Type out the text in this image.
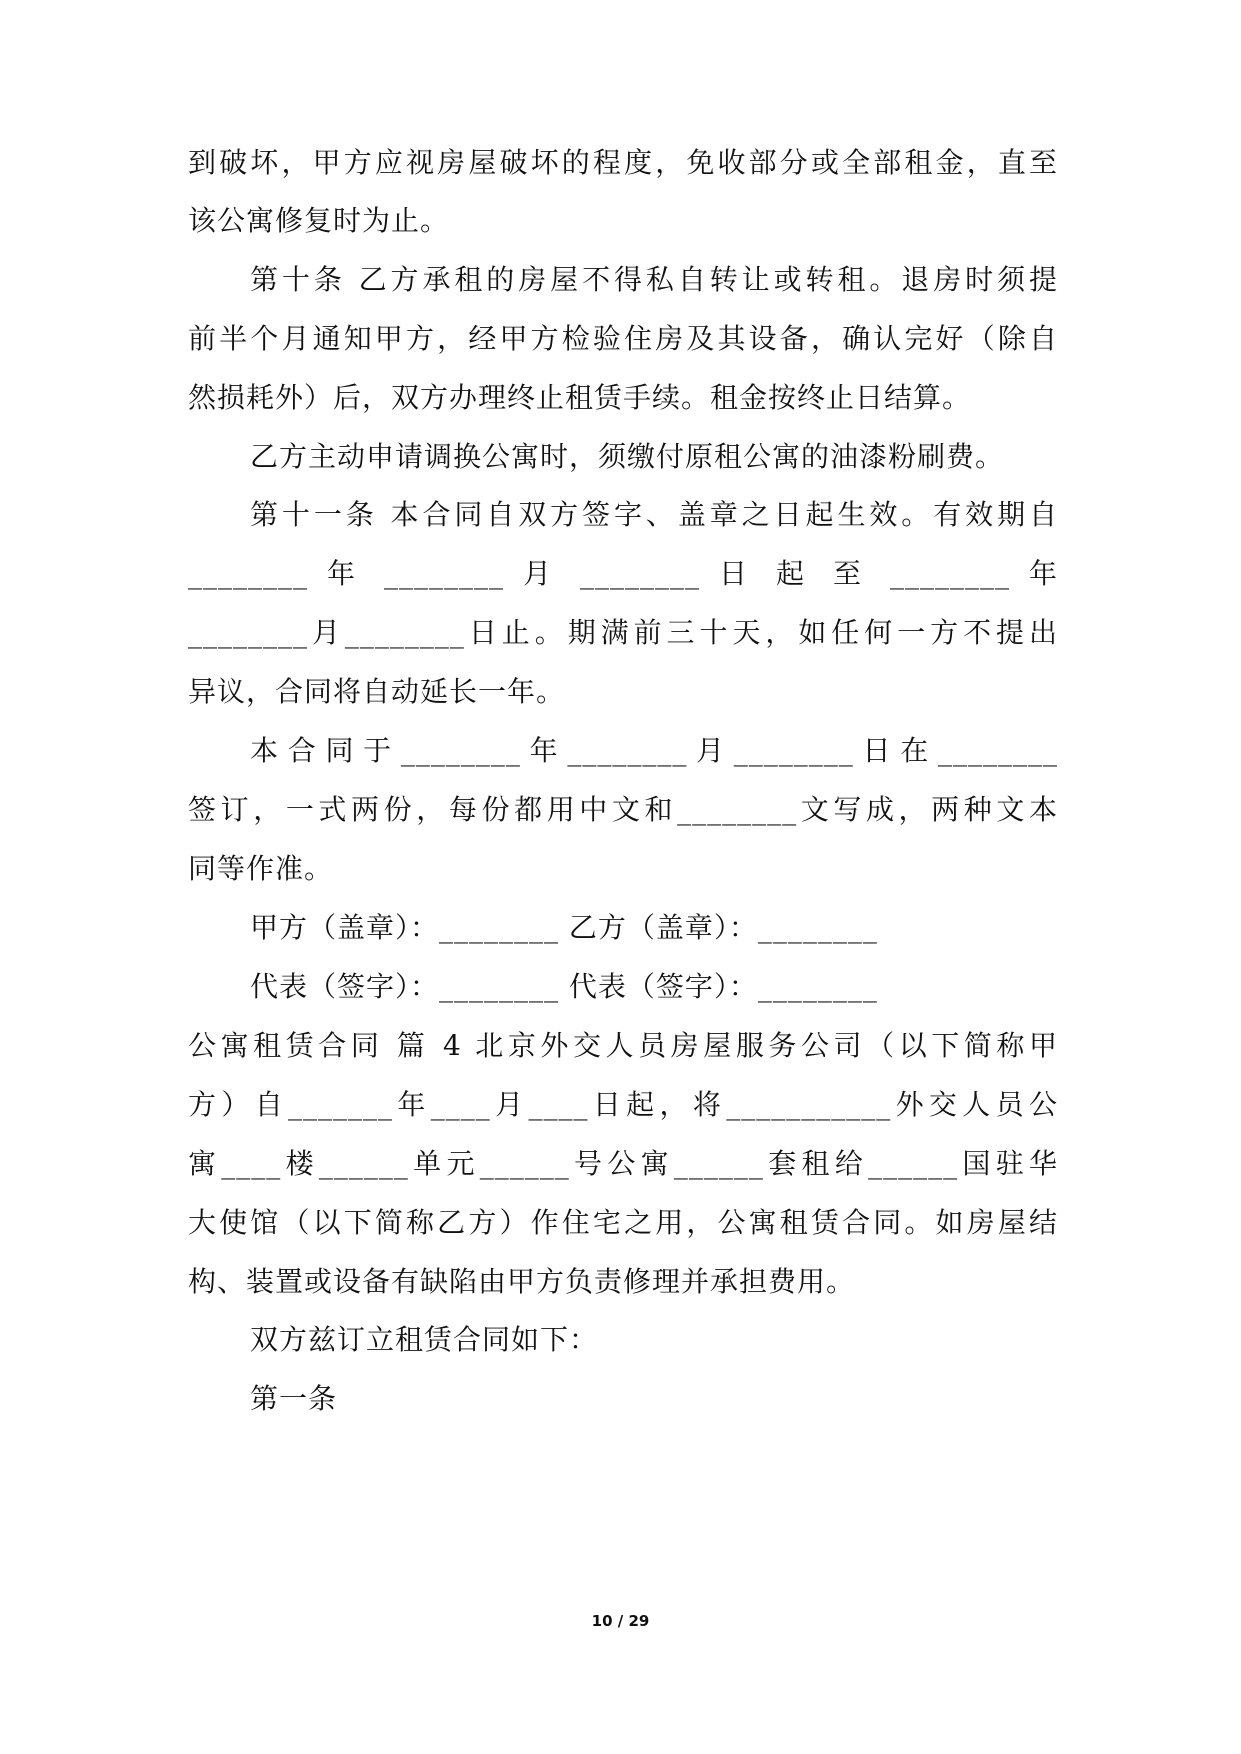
到破坏，甲方应视房屋破坏的程度，免收部分或全部租金，直至
该公寓修复时为止。
第十条 乙方承租的房屋不得私自转让或转租。退房时须提
前半个月通知甲方，经甲方检验住房及其设备，确认完好（除自
然损耗外）后，双方办理终止租赁手续。租金按终止日结算。
乙方主动申请调换公寓时，须缴付原租公寓的油漆粉刷费。
第十一条 本合同自双方签字、盖章之日起生效。有效期自
________ 年 ________ 月 ________ 日 起 至 ________ 年
________月________日止。期满前三十天，如任何一方不提出
异议，合同将自动延长一年。
本合同于________年________月________日在________
签订，一式两份，每份都用中文和________文写成，两种文本
同等作准。
甲方（盖章）：________ 乙方（盖章）：________
代表（签字）：________ 代表（签字）：________
公寓租赁合同 篇 4 北京外交人员房屋服务公司（以下简称甲
方）自_______年____月____日起，将___________外交人员公
寓____楼______单元______号公寓______套租给______国驻华
大使馆（以下简称乙方）作住宅之用，公寓租赁合同。如房屋结
构、装置或设备有缺陷由甲方负责修理并承担费用。
双方兹订立租赁合同如下：
第一条
10 / 29
